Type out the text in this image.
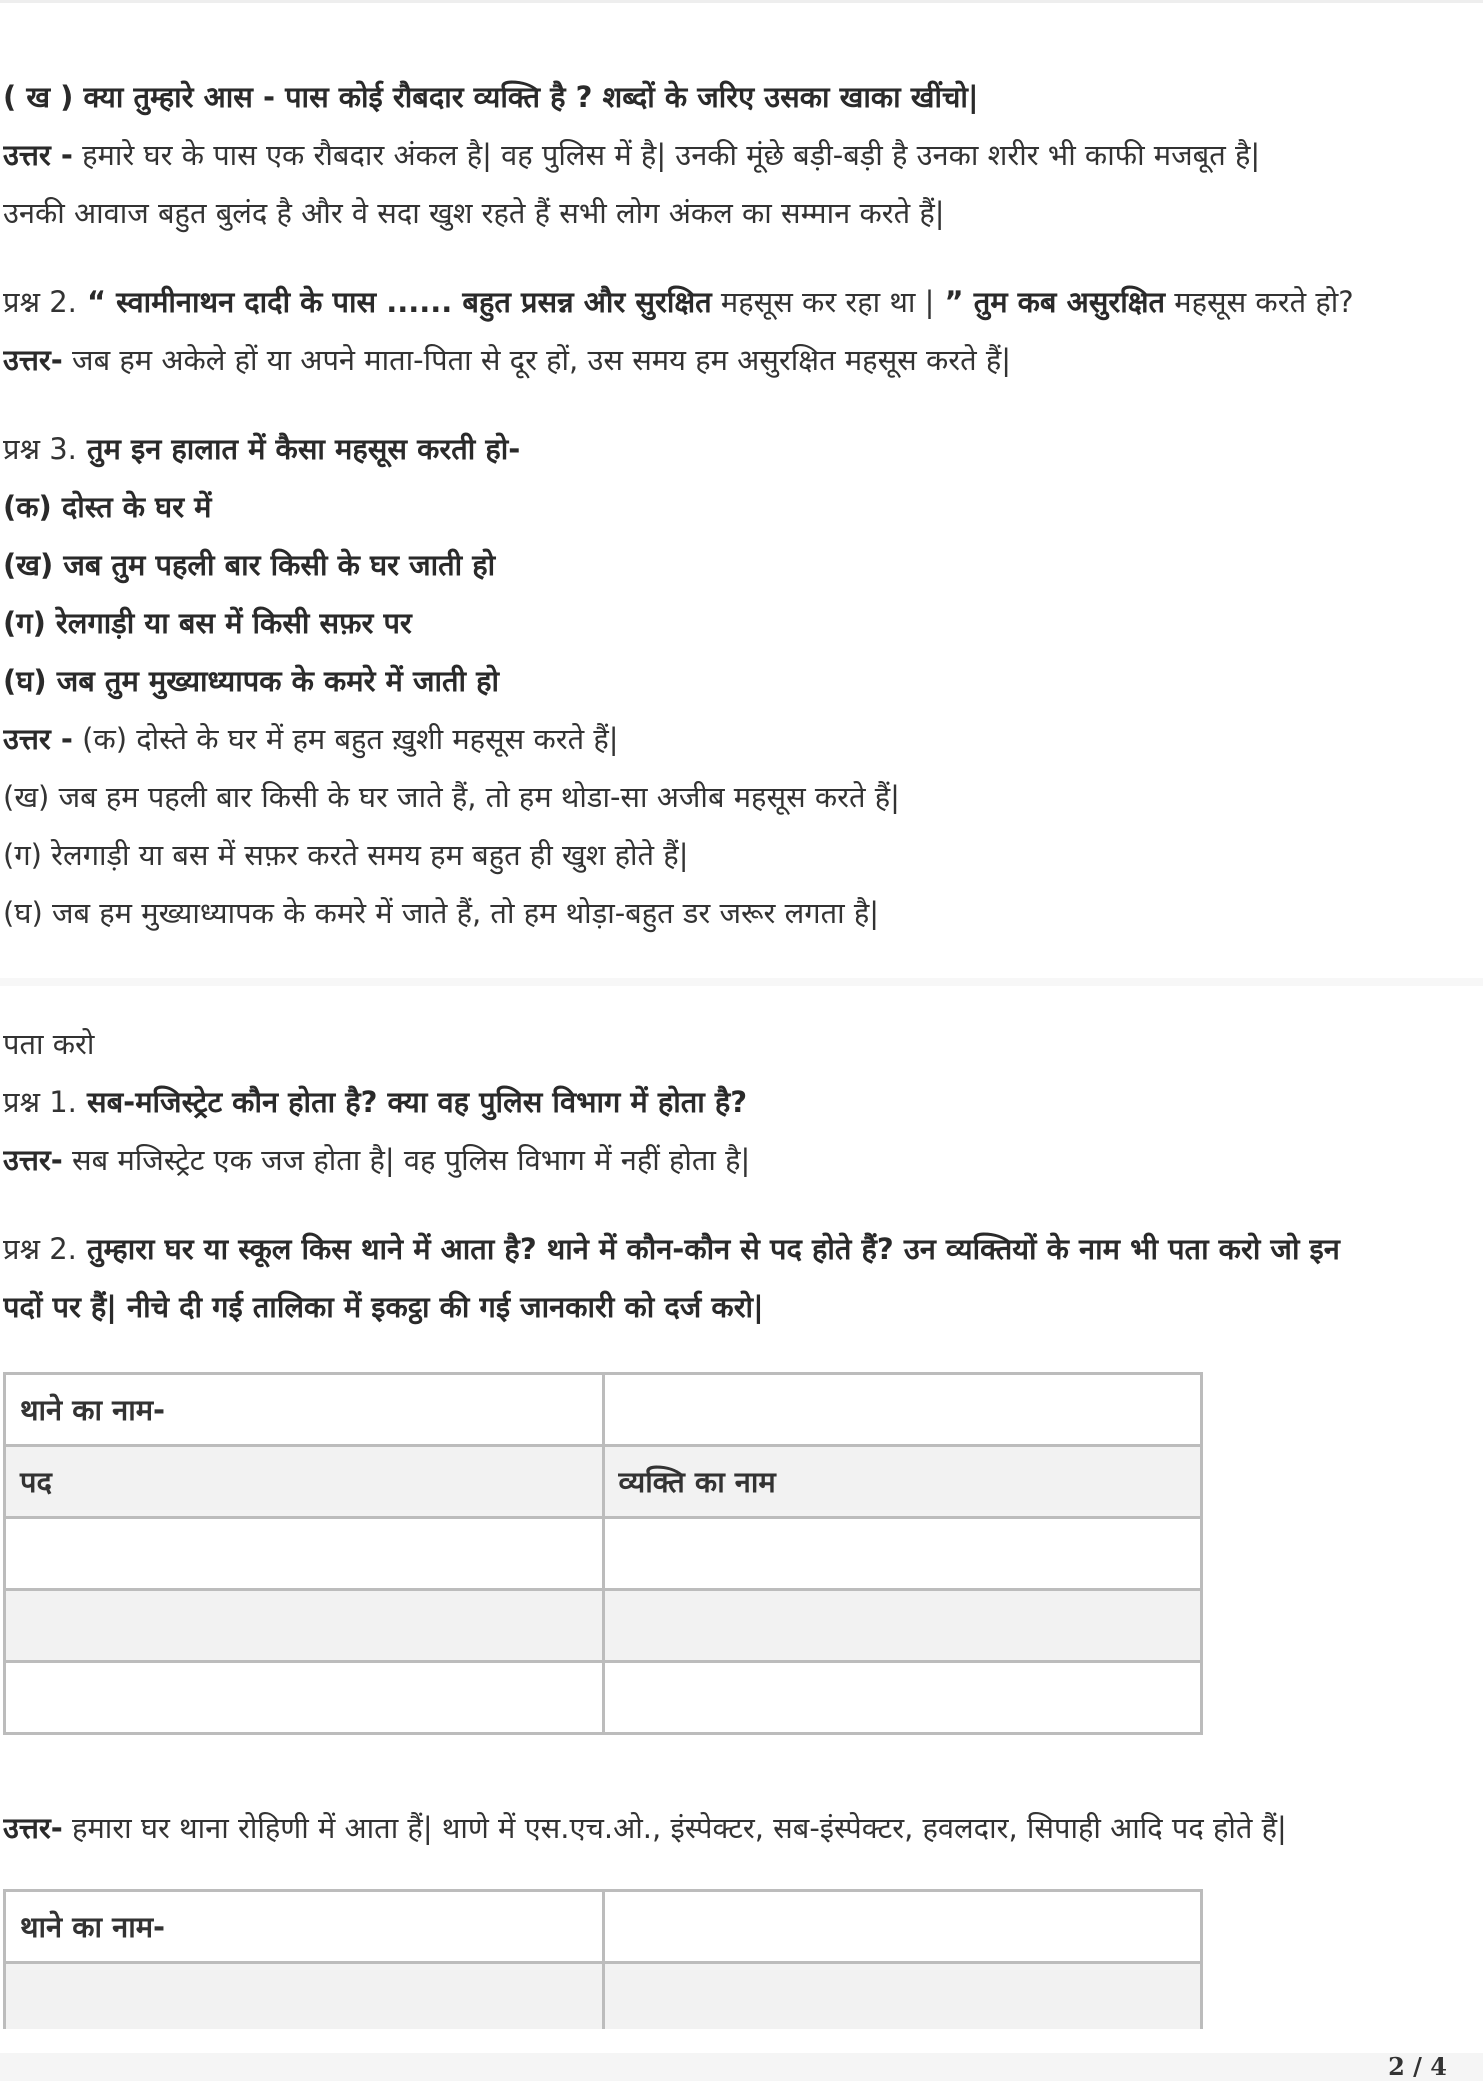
( ख ) क्या तुम्हारे आस - पास कोई रौबदार व्यक्ति है ? शब्दों के जरिए उसका खाका खींचो|
उत्तर - हमारे घर के पास एक रौबदार अंकल है| वह पुलिस में है| उनकी मूंछे बड़ी-बड़ी है उनका शरीर भी काफी मजबूत है|
उनकी आवाज बहुत बुलंद है और वे सदा खुश रहते हैं सभी लोग अंकल का सम्मान करते हैं|
प्रश्न 2. “ स्वामीनाथन दादी के पास ...... बहुत प्रसन्न और सुरक्षित महसूस कर रहा था | ” तुम कब असुरक्षित महसूस करते हो?
उत्तर- जब हम अकेले हों या अपने माता-पिता से दूर हों, उस समय हम असुरक्षित महसूस करते हैं|
प्रश्न 3. तुम इन हालात में कैसा महसूस करती हो-
(क) दोस्त के घर में
(ख) जब तुम पहली बार किसी के घर जाती हो
(ग) रेलगाड़ी या बस में किसी सफ़र पर
(घ) जब तुम मुख्याध्यापक के कमरे में जाती हो
उत्तर - (क) दोस्ते के घर में हम बहुत ख़ुशी महसूस करते हैं|
(ख) जब हम पहली बार किसी के घर जाते हैं, तो हम थोडा-सा अजीब महसूस करते हैं|
(ग) रेलगाड़ी या बस में सफ़र करते समय हम बहुत ही खुश होते हैं|
(घ) जब हम मुख्याध्यापक के कमरे में जाते हैं, तो हम थोड़ा-बहुत डर जरूर लगता है|
पता करो
प्रश्न 1. सब-मजिस्ट्रेट कौन होता है? क्या वह पुलिस विभाग में होता है?
उत्तर- सब मजिस्ट्रेट एक जज होता है| वह पुलिस विभाग में नहीं होता है|
प्रश्न 2. तुम्हारा घर या स्कूल किस थाने में आता है? थाने में कौन-कौन से पद होते हैं? उन व्यक्तियों के नाम भी पता करो जो इन
पदों पर हैं| नीचे दी गई तालिका में इकट्ठा की गई जानकारी को दर्ज करो|
थाने का नाम-	
पद	व्यक्ति का नाम

उत्तर- हमारा घर थाना रोहिणी में आता हैं| थाणे में एस.एच.ओ., इंस्पेक्टर, सब-इंस्पेक्टर, हवलदार, सिपाही आदि पद होते हैं|
थाने का नाम-	

2 / 4
